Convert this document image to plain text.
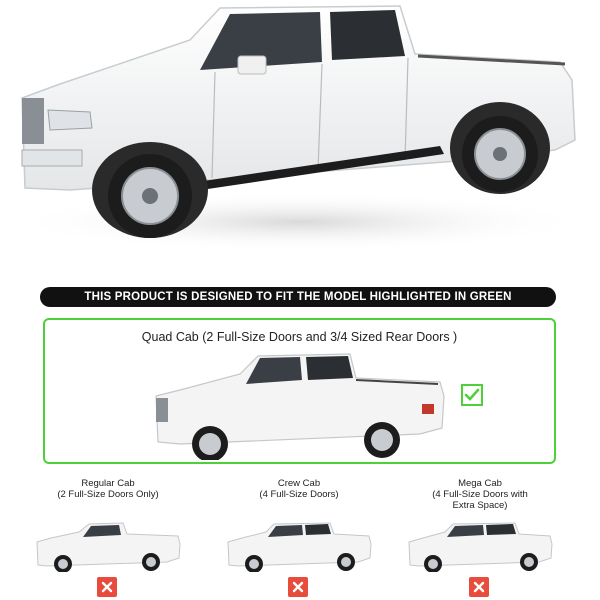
THIS PRODUCT IS DESIGNED TO FIT THE MODEL HIGHLIGHTED IN GREEN
Quad Cab (2 Full-Size Doors and 3/4 Sized Rear Doors )
Regular Cab
(2 Full-Size Doors Only)
Crew Cab
(4 Full-Size Doors)
Mega Cab
(4 Full-Size Doors with
Extra Space)
